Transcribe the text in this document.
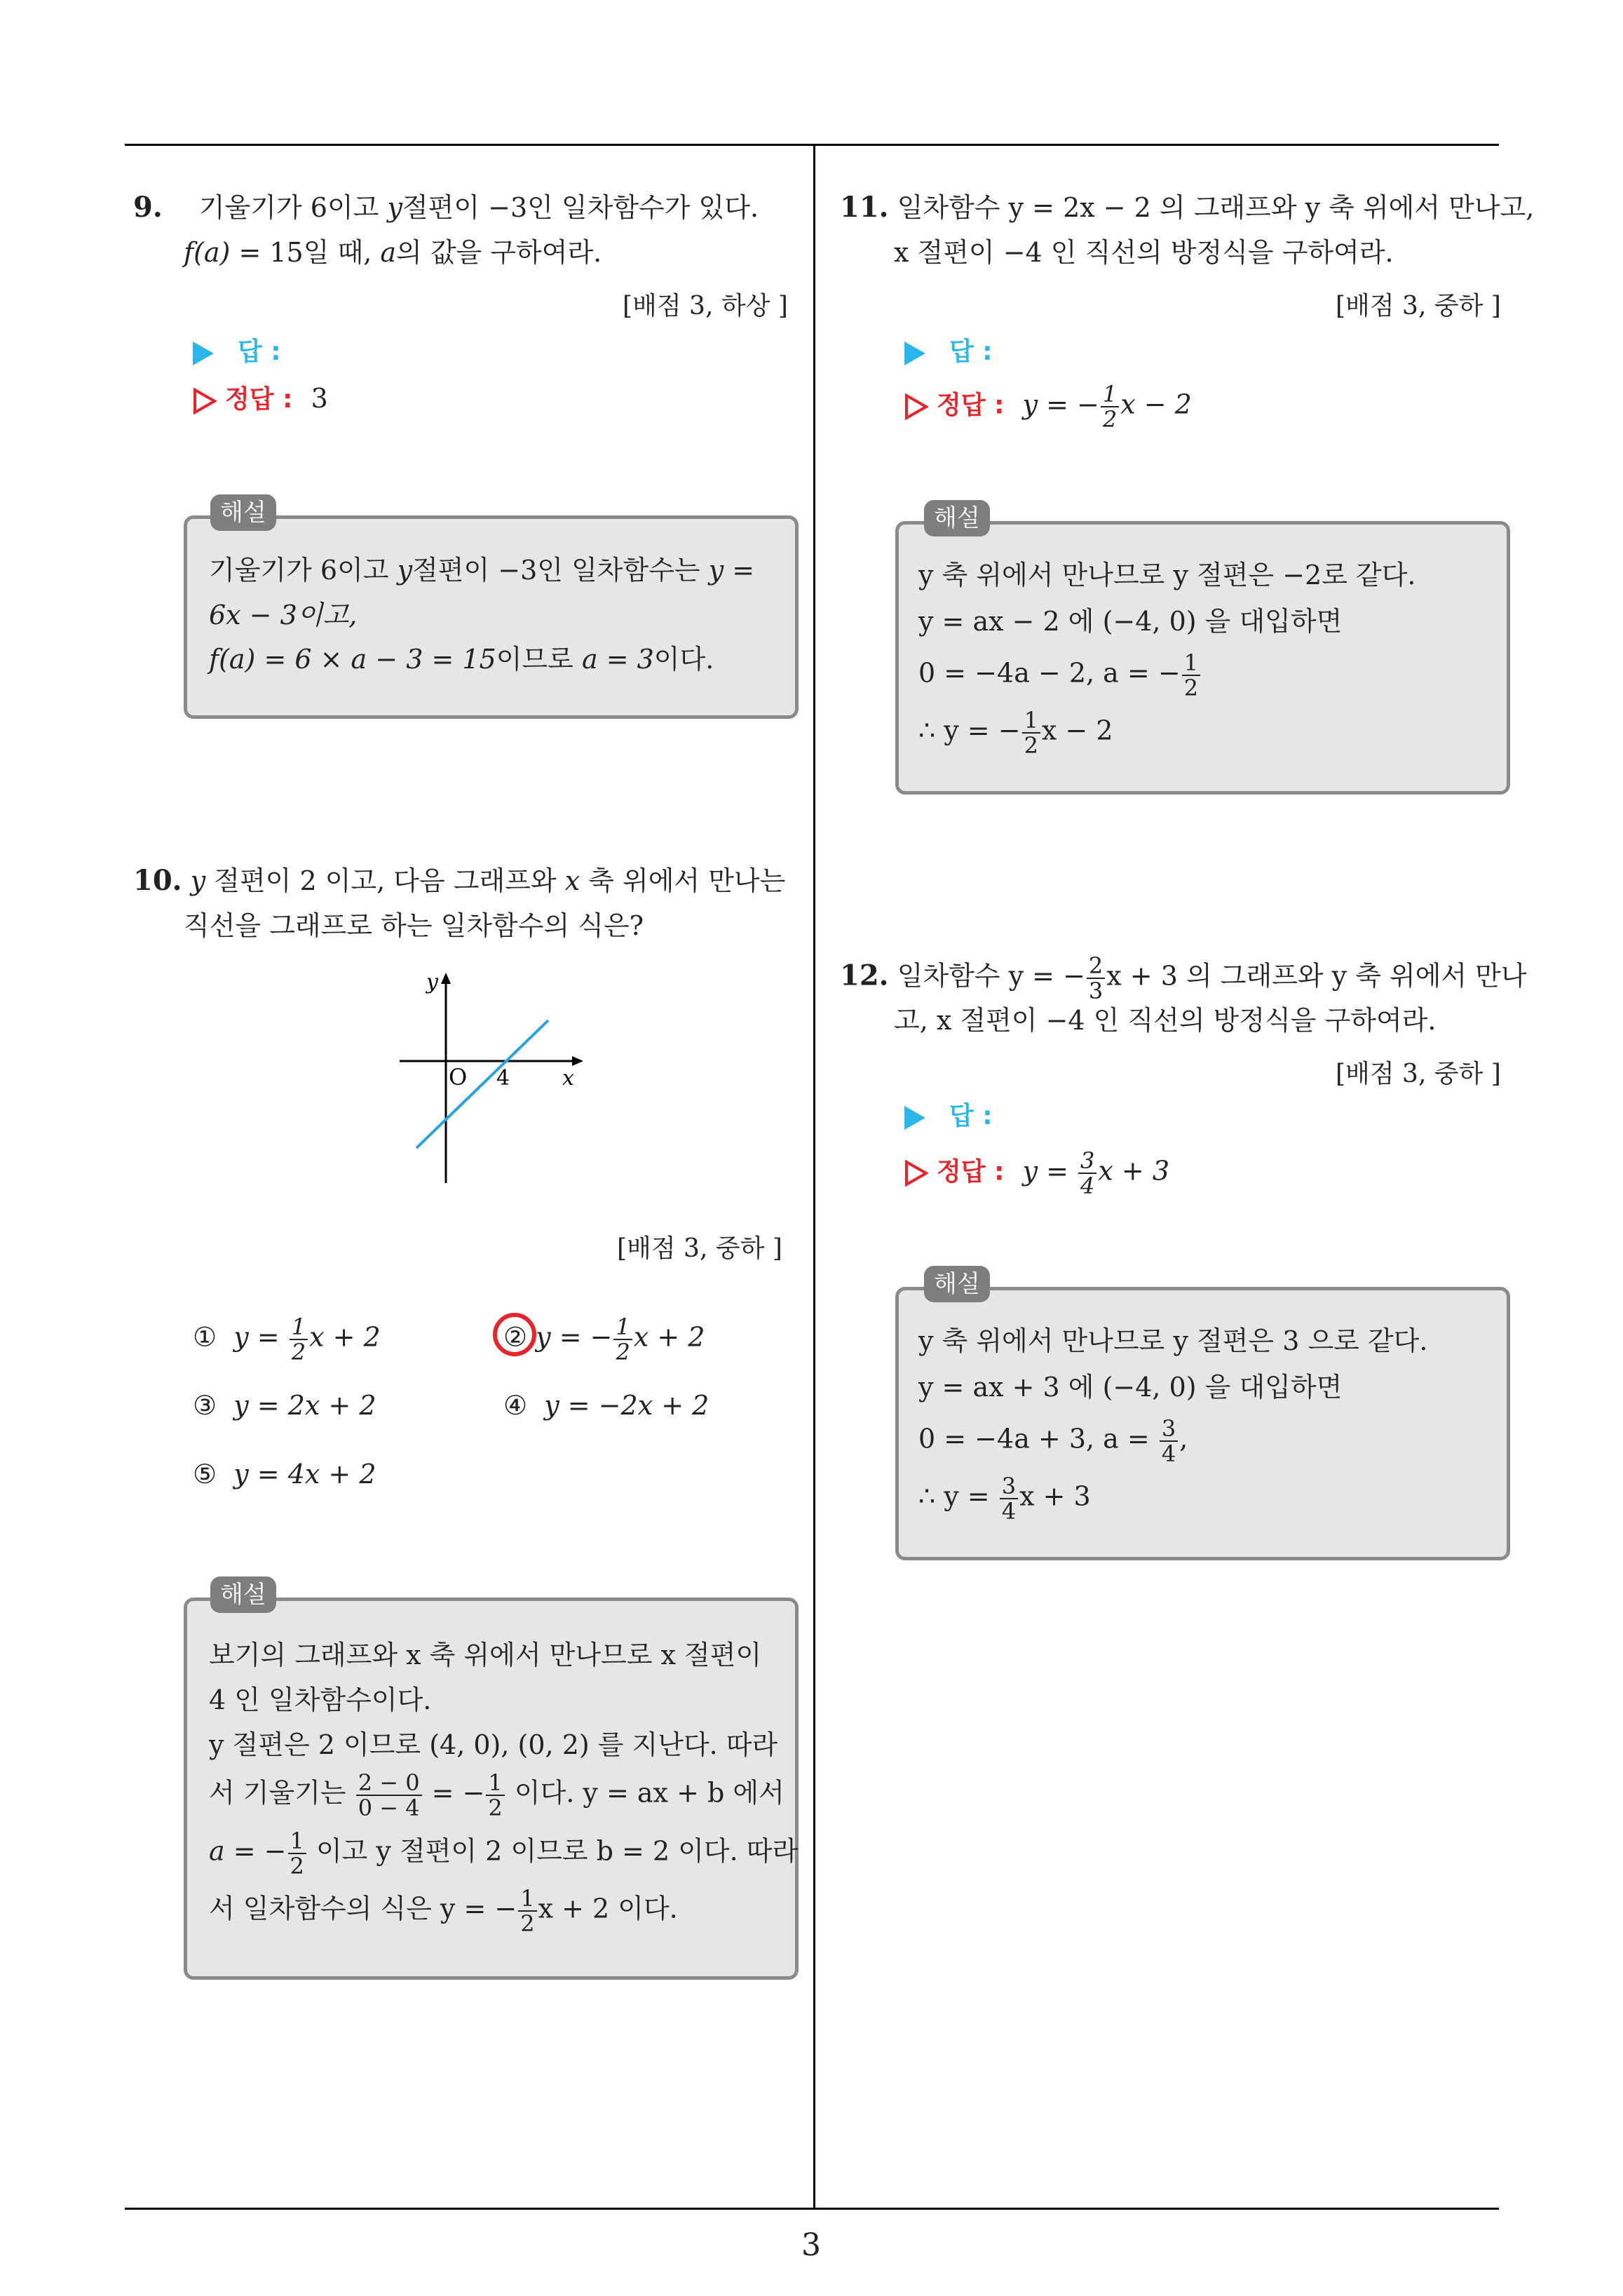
3
9. 기울기가 6이고 y절편이 −3인 일차함수가 있다.
f(a) = 15일 때, a의 값을 구하여라.
[배점 3, 하상 ]
답 :
정답 : 3
해설
기울기가 6이고 y절편이 −3인 일차함수는 y =
6x − 3이고,
f(a) = 6 × a − 3 = 15이므로 a = 3이다.
10. y 절편이 2 이고, 다음 그래프와 x 축 위에서 만나는
직선을 그래프로 하는 일차함수의 식은?
y
x
O 4
[배점 3, 중하 ]
① $y = \frac{1}{2}$ x + 2	② y = − $\frac{1}{2}$ x + 2
③ y = 2x + 2	④ y = −2x + 2
⑤ y = 4x + 2
해설
보기의 그래프와 x 축 위에서 만나므로 x 절편이
4 인 일차함수이다.
y 절편은 2 이므로 (4, 0), (0, 2) 를 지난다. 따라
서 기울기는 $\frac{2 - 0}{0 - 4}$ = − $\frac{1}{2}$ 이다. y = ax + b 에서
a = − $\frac{1}{2}$ 이고 y 절편이 2 이므로 b = 2 이다. 따라
서 일차함수의 식은 y = − $\frac{1}{2}$ x + 2 이다.
11. 일차함수 y = 2x − 2 의 그래프와 y 축 위에서 만나고,
x 절편이 −4 인 직선의 방정식을 구하여라.
[배점 3, 중하 ]
답 :
정답 : y = − $\frac{1}{2}$ x − 2
해설
y 축 위에서 만나므로 y 절편은 −2로 같다.
y = ax − 2 에 (−4, 0) 을 대입하면
0 = −4a − 2, a = − $\frac{1}{2}$
∴ y = − $\frac{1}{2}$ x − 2
12. 일차함수 y = − $\frac{2}{3}$ x + 3 의 그래프와 y 축 위에서 만나
고, x 절편이 −4 인 직선의 방정식을 구하여라.
[배점 3, 중하 ]
답 :
정답 : $y = \frac{3}{4}$ x + 3
해설
y 축 위에서 만나므로 y 절편은 3 으로 같다.
y = ax + 3 에 (−4, 0) 을 대입하면
0 = −4a + 3, $a = \frac{3}{4}$ ,
∴ $y = \frac{3}{4}$ x + 3
